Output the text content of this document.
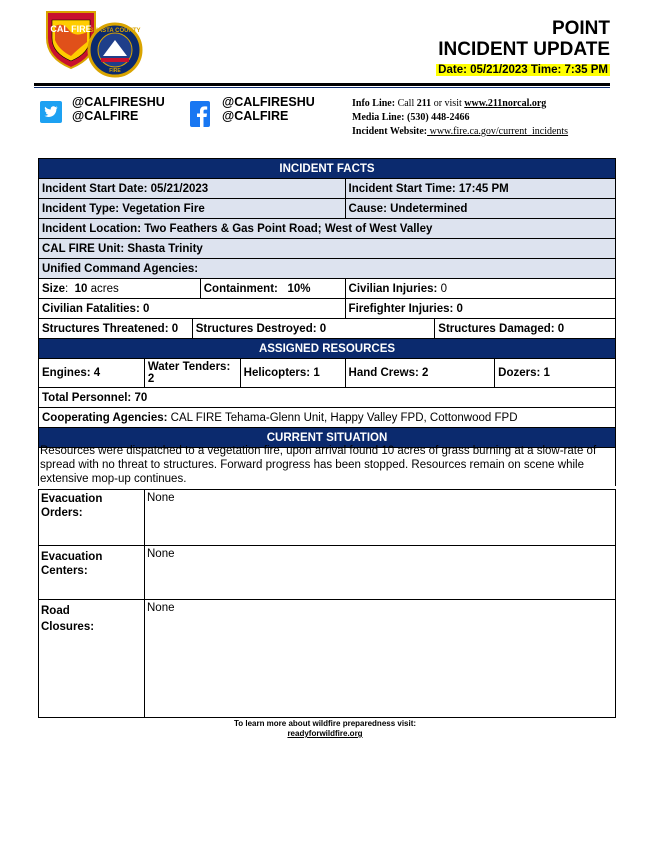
CAL FIRE
SHASTA COUNTY
FIRE
POINT
INCIDENT UPDATE
Date: 05/21/2023 Time: 7:35 PM
@CALFIRESHU
@CALFIRE
@CALFIRESHU
@CALFIRE
Info Line: Call 211 or visit www.211norcal.org
Media Line: (530) 448-2466
Incident Website: www.fire.ca.gov/current_incidents
INCIDENT FACTS							
Incident Start Date: 05/21/2023					Incident Start Time: 17:45 PM		
Incident Type: Vegetation Fire					Cause: Undetermined		
Incident Location: Two Feathers & Gas Point Road; West of West Valley							
CAL FIRE Unit: Shasta Trinity							
Unified Command Agencies:							
Size:  10 acres			Containment: 10%		Civilian Injuries: 0		
Civilian Fatalities: 0					Firefighter Injuries: 0		
Structures Threatened: 0		Structures Destroyed: 0				Structures Damaged: 0	
ASSIGNED RESOURCES							
Engines: 4	Water Tenders: 2			Helicopters: 1	Hand Crews: 2		Dozers: 1
Total Personnel: 70							
Cooperating Agencies: CAL FIRE Tehama-Glenn Unit, Happy Valley FPD, Cottonwood FPD							
CURRENT SITUATION							
Resources were dispatched to a vegetation fire, upon arrival found 10 acres of grass burning at a slow-rate of spread with no threat to structures. Forward progress has been stopped. Resources remain on scene while extensive mop-up continues.
Evacuation
Orders:	None

Evacuation
Centers:	None

Road
Closures:	None
To learn more about wildfire preparedness visit:
readyforwildfire.org
